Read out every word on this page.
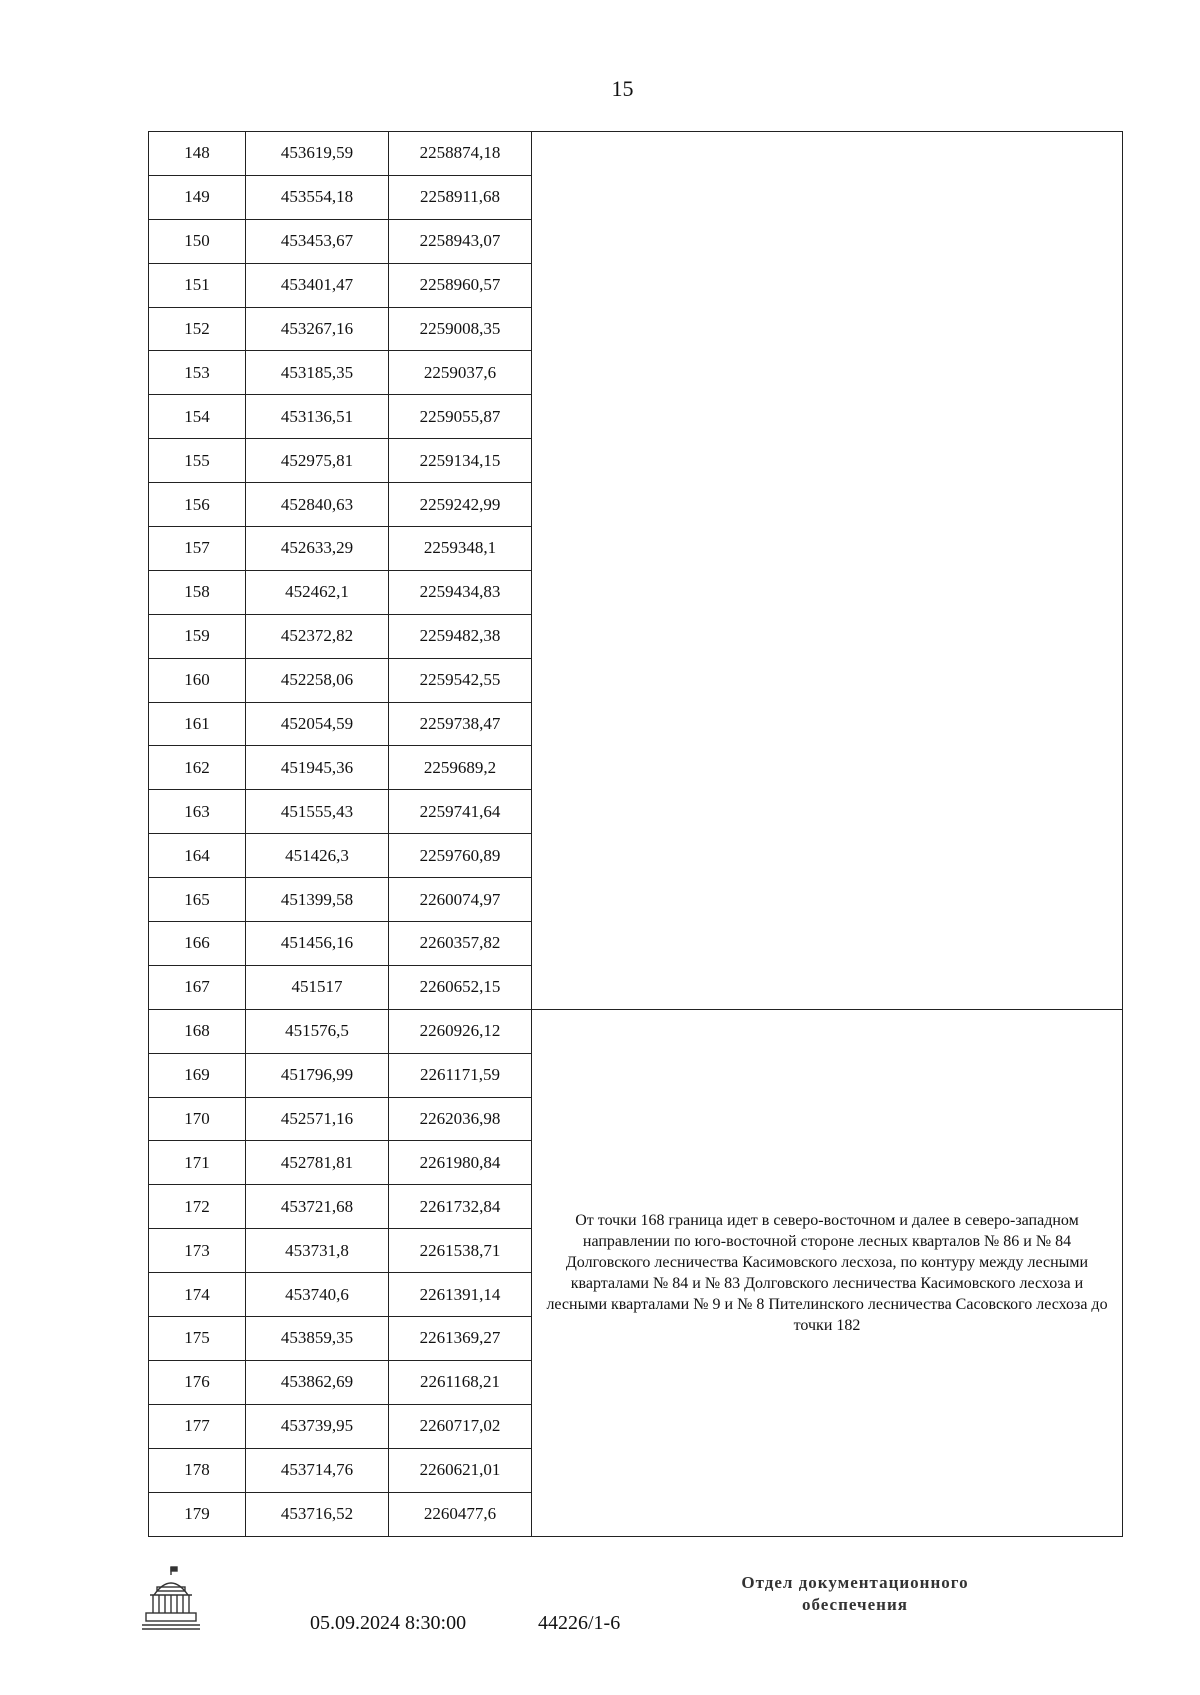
15
148	453619,59	2258874,18	
149	453554,18	2258911,68	
150	453453,67	2258943,07	
151	453401,47	2258960,57	
152	453267,16	2259008,35	
153	453185,35	2259037,6	
154	453136,51	2259055,87	
155	452975,81	2259134,15	
156	452840,63	2259242,99	
157	452633,29	2259348,1	
158	452462,1	2259434,83	
159	452372,82	2259482,38	
160	452258,06	2259542,55	
161	452054,59	2259738,47	
162	451945,36	2259689,2	
163	451555,43	2259741,64	
164	451426,3	2259760,89	
165	451399,58	2260074,97	
166	451456,16	2260357,82	
167	451517	2260652,15	
168	451576,5	2260926,12	От точки 168 граница идет в северо-восточном и далее в северо-западном направлении по юго-восточной стороне лесных кварталов № 86 и № 84 Долговского лесничества Касимовского лесхоза, по контуру между лесными кварталами № 84 и № 83 Долговского лесничества Касимовского лесхоза и лесными кварталами № 9 и № 8 Пителинского лесничества Сасовского лесхоза до точки 182
169	451796,99	2261171,59	
170	452571,16	2262036,98	
171	452781,81	2261980,84	
172	453721,68	2261732,84	
173	453731,8	2261538,71	
174	453740,6	2261391,14	
175	453859,35	2261369,27	
176	453862,69	2261168,21	
177	453739,95	2260717,02	
178	453714,76	2260621,01	
179	453716,52	2260477,6	
05.09.2024 8:30:00	44226/1-6
Отдел документационного
обеспечения
